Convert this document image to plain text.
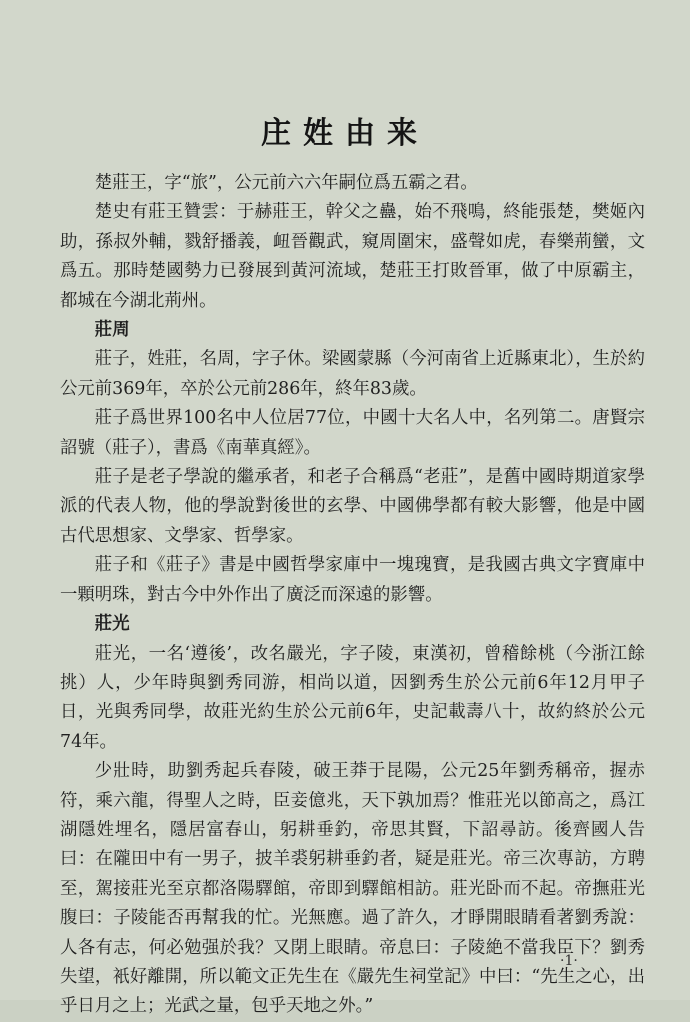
庄姓由来

楚莊王，字“旅”，公元前六六年嗣位爲五霸之君。

楚史有莊王贊雲：于赫莊王，幹父之蠱，始不飛鳴，終能張楚，樊姬內助，孫叔外輔，戮舒播義，衄晉觀武，窺周圍宋，盛聲如虎，春樂荊蠻，文爲五。那時楚國勢力已發展到黃河流域，楚莊王打敗晉軍，做了中原霸主，都城在今湖北荊州。

莊周

莊子，姓莊，名周，字子休。梁國蒙縣（今河南省上近縣東北），生於約公元前369年，卒於公元前286年，終年83歲。

莊子爲世界100名中人位居77位，中國十大名人中，名列第二。唐賢宗詔號（莊子），書爲《南華真經》。

莊子是老子學說的繼承者，和老子合稱爲“老莊”，是舊中國時期道家學派的代表人物，他的學說對後世的玄學、中國佛學都有較大影響，他是中國古代思想家、文學家、哲學家。

莊子和《莊子》書是中國哲學家庫中一塊瑰寶，是我國古典文字寶庫中一顆明珠，對古今中外作出了廣泛而深遠的影響。

莊光

莊光，一名‘遵後’，改名嚴光，字子陵，東漢初，曾稽餘桃（今浙江餘挑）人，少年時與劉秀同游，相尚以道，因劉秀生於公元前6年12月甲子日，光與秀同學，故莊光約生於公元前6年，史記載壽八十，故約終於公元74年。

少壯時，助劉秀起兵春陵，破王莽于昆陽，公元25年劉秀稱帝，握赤符，乘六龍，得聖人之時，臣妾億兆，天下孰加焉？惟莊光以節高之，爲江湖隱姓埋名，隱居富春山，躬耕垂釣，帝思其賢，下詔尋訪。後齊國人告曰：在隴田中有一男子，披羊裘躬耕垂釣者，疑是莊光。帝三次專訪，方聘至，駕接莊光至京都洛陽驛館，帝即到驛館相訪。莊光卧而不起。帝撫莊光腹曰：子陵能否再幫我的忙。光無應。過了許久，才睜開眼睛看著劉秀說：人各有志，何必勉强於我？又閉上眼睛。帝息曰：子陵絶不當我臣下？劉秀失望，衹好離開，所以範文正先生在《嚴先生祠堂記》中曰：“先生之心，出乎日月之上；光武之量，包乎天地之外。”

·1·
